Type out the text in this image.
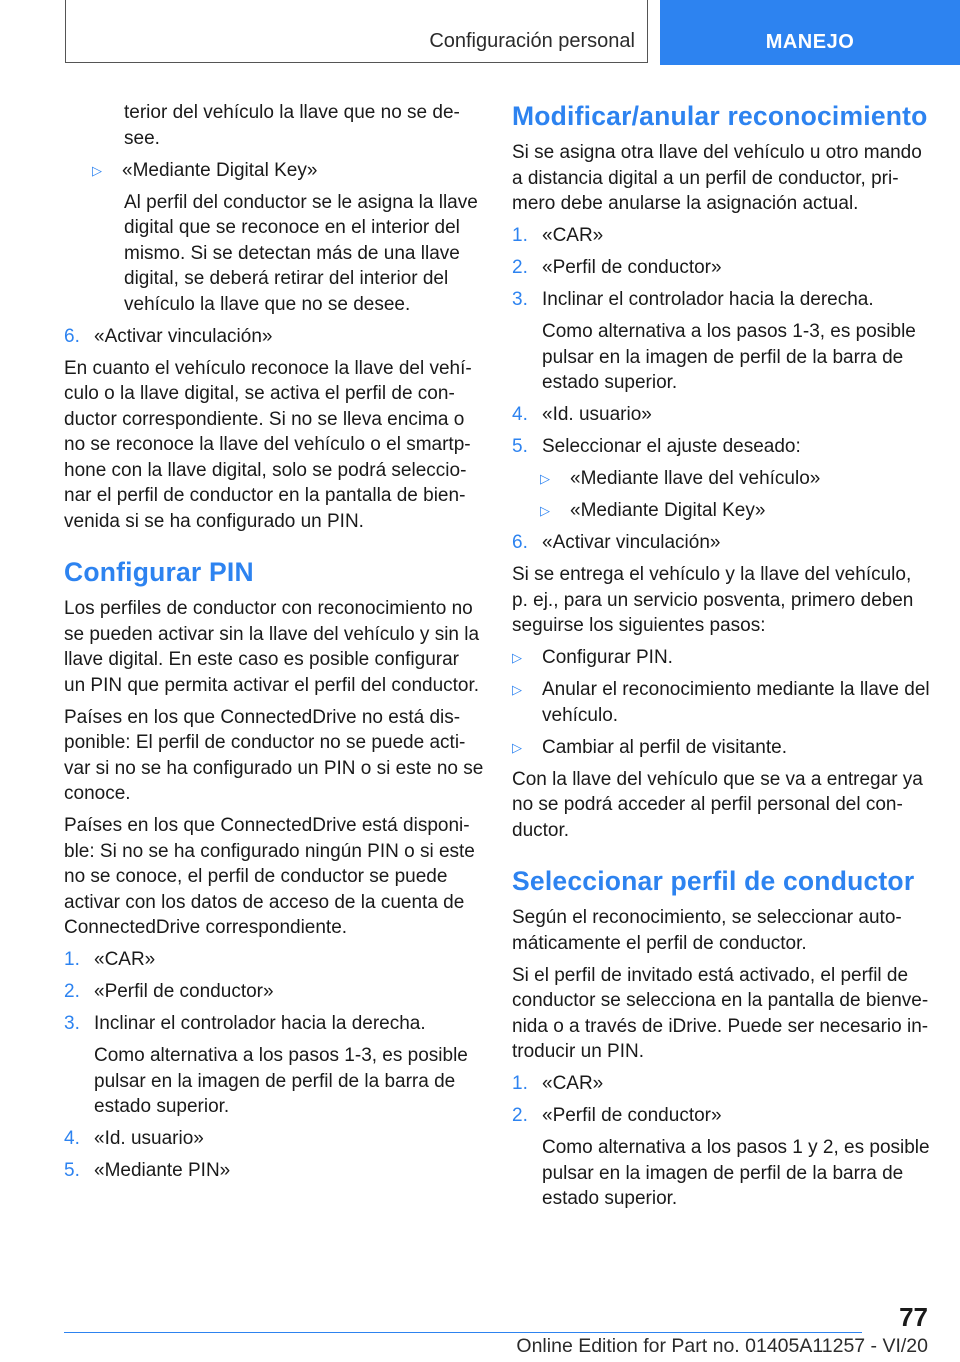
Configuración personal	MANEJO

terior del vehículo la llave que no se desee.

▷ «Mediante Digital Key»

Al perfil del conductor se le asigna la llave digital que se reconoce en el interior del mismo. Si se detectan más de una llave digital, se deberá retirar del interior del vehículo la llave que no se desee.

6. «Activar vinculación»

En cuanto el vehículo reconoce la llave del vehículo o la llave digital, se activa el perfil de conductor correspondiente. Si no se lleva encima o no se reconoce la llave del vehículo o el smartphone con la llave digital, solo se podrá seleccionar el perfil de conductor en la pantalla de bienvenida si se ha configurado un PIN.

Configurar PIN

Los perfiles de conductor con reconocimiento no se pueden activar sin la llave del vehículo y sin la llave digital. En este caso es posible configurar un PIN que permita activar el perfil del conductor.

Países en los que ConnectedDrive no está disponible: El perfil de conductor no se puede activar si no se ha configurado un PIN o si este no se conoce.

Países en los que ConnectedDrive está disponible: Si no se ha configurado ningún PIN o si este no se conoce, el perfil de conductor se puede activar con los datos de acceso de la cuenta de ConnectedDrive correspondiente.

1. «CAR»
2. «Perfil de conductor»
3. Inclinar el controlador hacia la derecha.

Como alternativa a los pasos 1‑3, es posible pulsar en la imagen de perfil de la barra de estado superior.

4. «Id. usuario»
5. «Mediante PIN»
Modificar/anular reconocimiento

Si se asigna otra llave del vehículo u otro mando a distancia digital a un perfil de conductor, primero debe anularse la asignación actual.

1. «CAR»
2. «Perfil de conductor»
3. Inclinar el controlador hacia la derecha.

Como alternativa a los pasos 1‑3, es posible pulsar en la imagen de perfil de la barra de estado superior.

4. «Id. usuario»
5. Seleccionar el ajuste deseado:
▷ «Mediante llave del vehículo»
▷ «Mediante Digital Key»
6. «Activar vinculación»

Si se entrega el vehículo y la llave del vehículo, p. ej., para un servicio posventa, primero deben seguirse los siguientes pasos:

▷ Configurar PIN.
▷ Anular el reconocimiento mediante la llave del vehículo.
▷ Cambiar al perfil de visitante.

Con la llave del vehículo que se va a entregar ya no se podrá acceder al perfil personal del conductor.

Seleccionar perfil de conductor

Según el reconocimiento, se seleccionar automáticamente el perfil de conductor.

Si el perfil de invitado está activado, el perfil de conductor se selecciona en la pantalla de bienvenida o a través de iDrive. Puede ser necesario introducir un PIN.

1. «CAR»
2. «Perfil de conductor»

Como alternativa a los pasos 1 y 2, es posible pulsar en la imagen de perfil de la barra de estado superior.

77
Online Edition for Part no. 01405A11257 - VI/20
